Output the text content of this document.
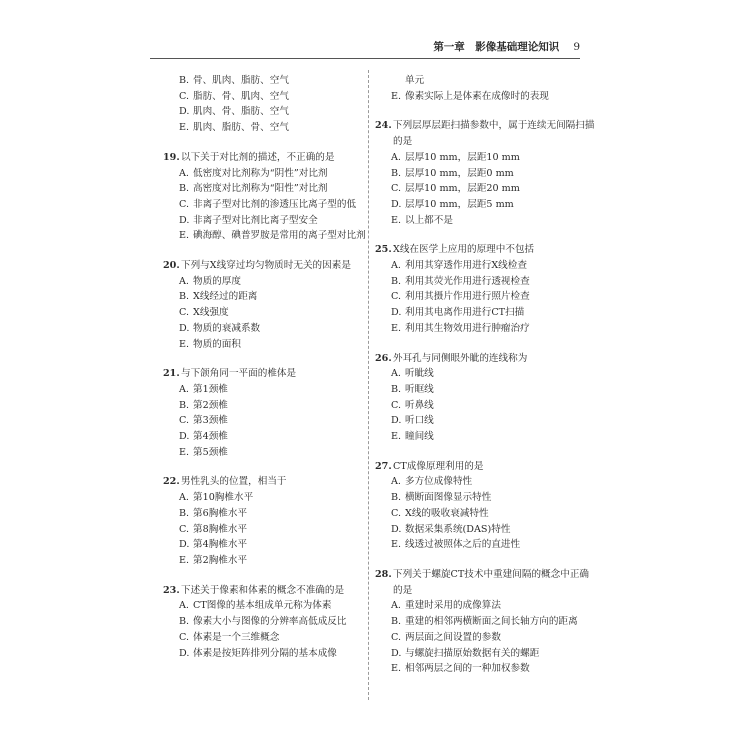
第一章　影像基础理论知识 9
B. 骨、肌肉、脂肪、空气
C. 脂肪、骨、肌肉、空气
D. 肌肉、骨、脂肪、空气
E. 肌肉、脂肪、骨、空气
19. 以下关于对比剂的描述，不正确的是
A. 低密度对比剂称为“阴性”对比剂
B. 高密度对比剂称为“阳性”对比剂
C. 非离子型对比剂的渗透压比离子型的低
D. 非离子型对比剂比离子型安全
E. 碘海醇、碘普罗胺是常用的离子型对比剂
20. 下列与X线穿过均匀物质时无关的因素是
A. 物质的厚度
B. X线经过的距离
C. X线强度
D. 物质的衰减系数
E. 物质的面积
21. 与下颌角同一平面的椎体是
A. 第1颈椎
B. 第2颈椎
C. 第3颈椎
D. 第4颈椎
E. 第5颈椎
22. 男性乳头的位置，相当于
A. 第10胸椎水平
B. 第6胸椎水平
C. 第8胸椎水平
D. 第4胸椎水平
E. 第2胸椎水平
23. 下述关于像素和体素的概念不准确的是
A. CT图像的基本组成单元称为体素
B. 像素大小与图像的分辨率高低成反比
C. 体素是一个三维概念
D. 体素是按矩阵排列分隔的基本成像
单元
E. 像素实际上是体素在成像时的表现
24. 下列层厚层距扫描参数中，属于连续无间隔扫描的是
A. 层厚10 mm，层距10 mm
B. 层厚10 mm，层距0 mm
C. 层厚10 mm，层距20 mm
D. 层厚10 mm，层距5 mm
E. 以上都不是
25. X线在医学上应用的原理中不包括
A. 利用其穿透作用进行X线检查
B. 利用其荧光作用进行透视检查
C. 利用其摄片作用进行照片检查
D. 利用其电离作用进行CT扫描
E. 利用其生物效用进行肿瘤治疗
26. 外耳孔与同侧眼外眦的连线称为
A. 听眦线
B. 听眶线
C. 听鼻线
D. 听口线
E. 瞳间线
27. CT成像原理利用的是
A. 多方位成像特性
B. 横断面图像显示特性
C. X线的吸收衰减特性
D. 数据采集系统(DAS)特性
E. 线透过被照体之后的直进性
28. 下列关于螺旋CT技术中重建间隔的概念中正确的是
A. 重建时采用的成像算法
B. 重建的相邻两横断面之间长轴方向的距离
C. 两层面之间设置的参数
D. 与螺旋扫描原始数据有关的螺距
E. 相邻两层之间的一种加权参数
